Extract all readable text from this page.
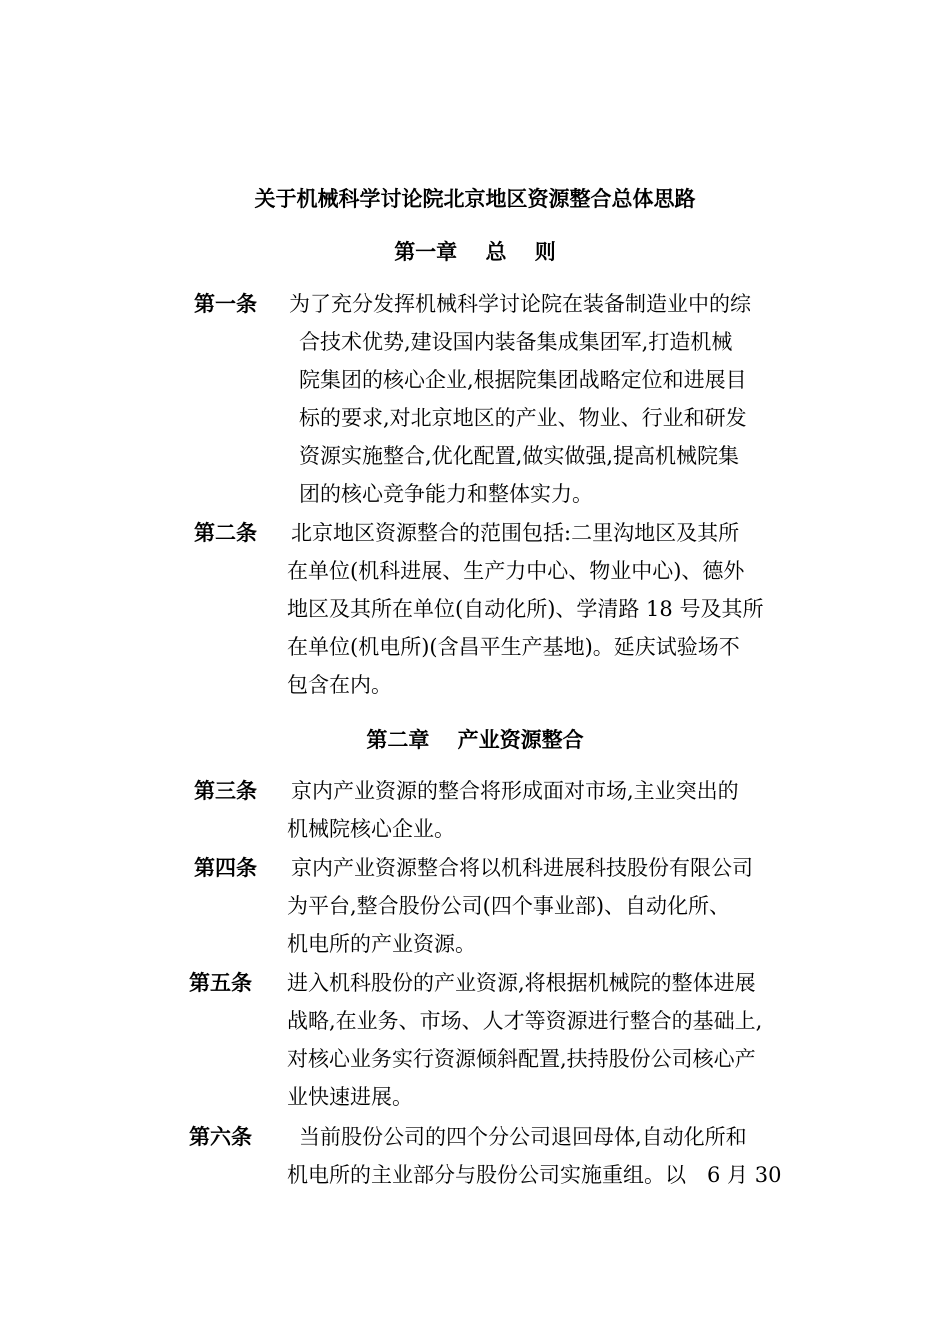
关于机械科学讨论院北京地区资源整合总体思路
第一章　 总　 则
第一条 为了充分发挥机械科学讨论院在装备制造业中的综
合技术优势,建设国内装备集成集团军,打造机械
院集团的核心企业,根据院集团战略定位和进展目
标的要求,对北京地区的产业、物业、行业和研发
资源实施整合,优化配置,做实做强,提高机械院集
团的核心竞争能力和整体实力。
第二条 北京地区资源整合的范围包括:二里沟地区及其所
在单位(机科进展、生产力中心、物业中心)、德外
地区及其所在单位(自动化所)、学清路 18 号及其所
在单位(机电所)(含昌平生产基地)。延庆试验场不
包含在内。
第二章　 产业资源整合
第三条 京内产业资源的整合将形成面对市场,主业突出的
机械院核心企业。
第四条 京内产业资源整合将以机科进展科技股份有限公司
为平台,整合股份公司(四个事业部)、自动化所、
机电所的产业资源。
第五条 进入机科股份的产业资源,将根据机械院的整体进展
战略,在业务、市场、人才等资源进行整合的基础上,
对核心业务实行资源倾斜配置,扶持股份公司核心产
业快速进展。
第六条 当前股份公司的四个分公司退回母体,自动化所和
机电所的主业部分与股份公司实施重组。以　6 月 30
